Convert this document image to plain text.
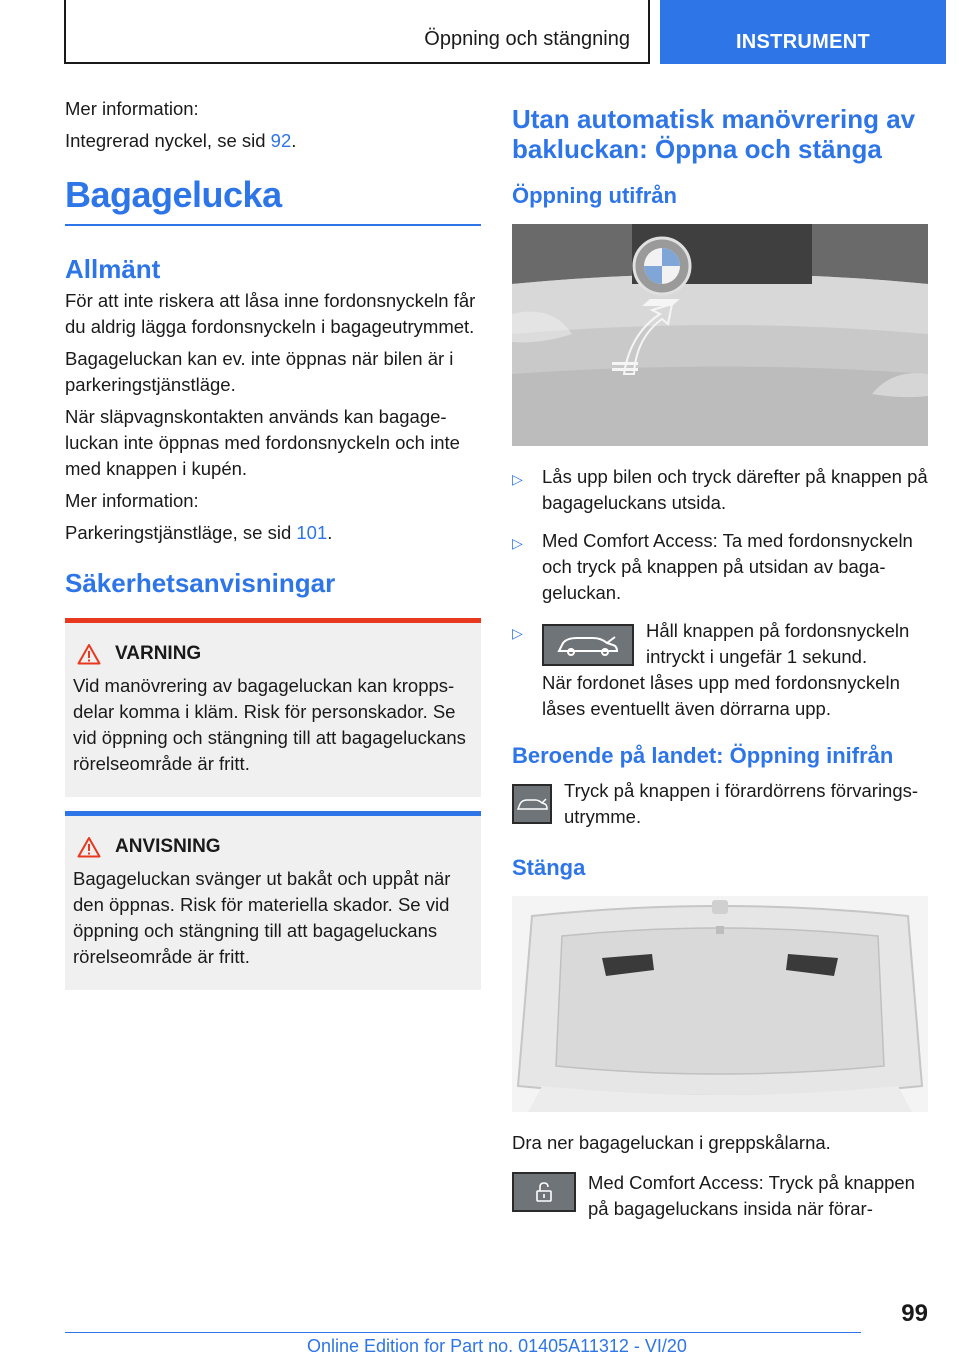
Öppning och stängning	INSTRUMENT

Mer information:

Integrerad nyckel, se sid 92.

Bagagelucka
Allmänt

För att inte riskera att låsa inne fordonsnyckeln får du aldrig lägga fordonsnyckeln i bagageutrymmet.

Bagageluckan kan ev. inte öppnas när bilen är i parkeringstjänstläge.

När släpvagnskontakten används kan bagageluckan inte öppnas med fordonsnyckeln och inte med knappen i kupén.

Mer information:

Parkeringstjänstläge, se sid 101.

Säkerhetsanvisningar
VARNING

Vid manövrering av bagageluckan kan kroppsdelar komma i kläm. Risk för personskador. Se vid öppning och stängning till att bagageluckans rörelseområde är fritt.

ANVISNING

Bagageluckan svänger ut bakåt och uppåt när den öppnas. Risk för materiella skador. Se vid öppning och stängning till att bagageluckans rörelseområde är fritt.

Utan automatisk manövrering av bakluckan: Öppna och stänga
Öppning utifrån
▷	Lås upp bilen och tryck därefter på knappen på bagageluckans utsida.
▷	Med Comfort Access: Ta med fordonsnyckeln och tryck på knappen på utsidan av bagageluckan.
▷	Håll knappen på fordonsnyckeln intryckt i ungefär 1 sekund.

När fordonet låses upp med fordonsnyckeln låses eventuellt även dörrarna upp.

Beroende på landet: Öppning inifrån

Tryck på knappen i förardörrens förvaringsutrymme.

Stänga

Dra ner bagageluckan i greppskålarna.

Med Comfort Access: Tryck på knappen på bagageluckans insida när förar-

99
Online Edition for Part no. 01405A11312 - VI/20
